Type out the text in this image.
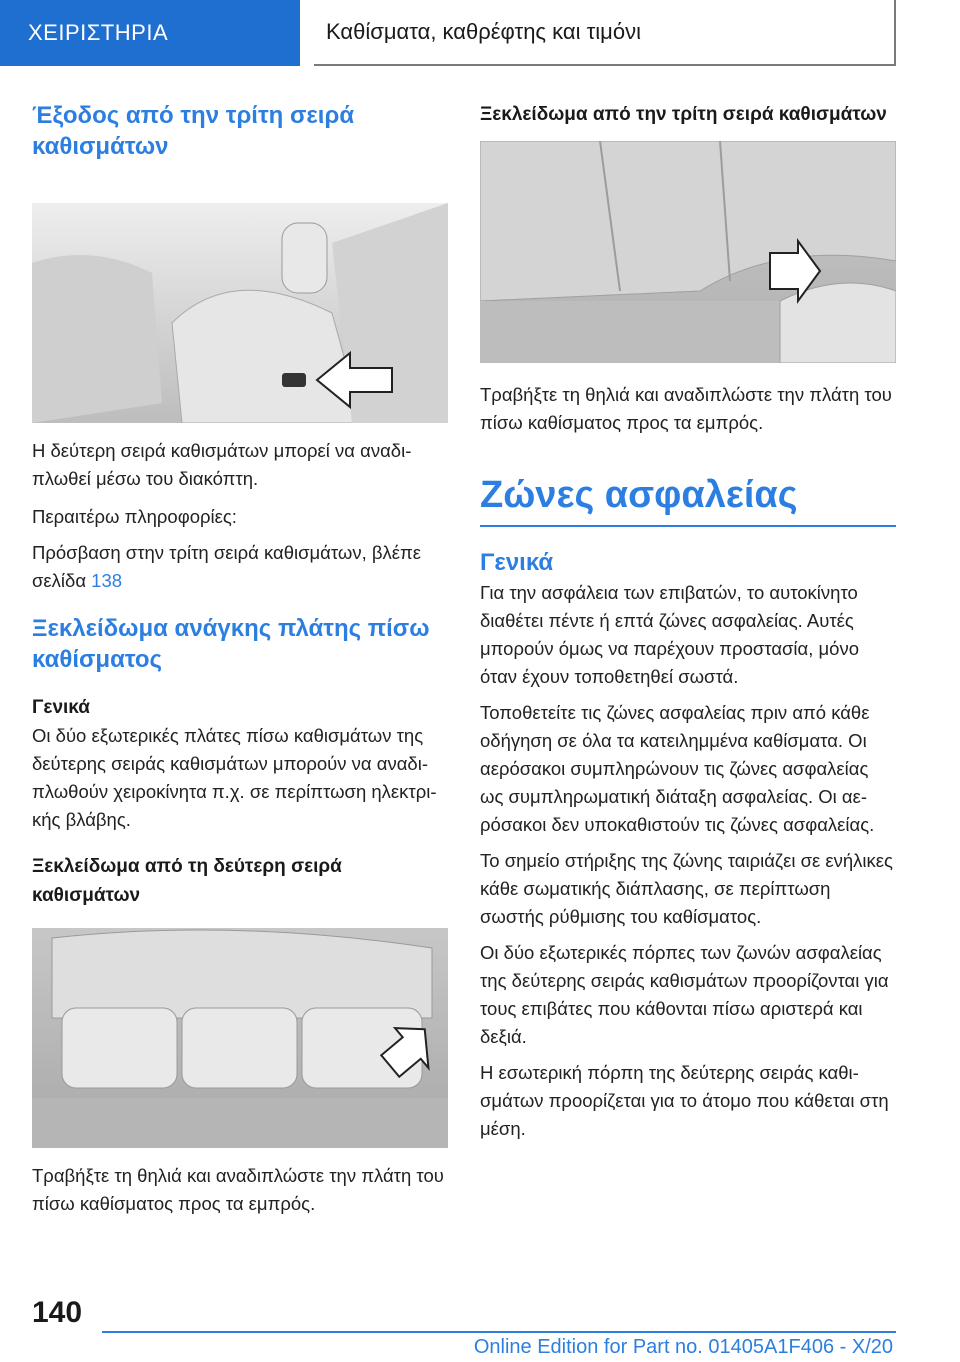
ΧΕΙΡΙΣΤΗΡΙΑ	Καθίσματα, καθρέφτης και τιμόνι
Έξοδος από την τρίτη σειρά καθισμάτων

Η δεύτερη σειρά καθισμάτων μπορεί να αναδιπλωθεί μέσω του διακόπτη.

Περαιτέρω πληροφορίες:

Πρόσβαση στην τρίτη σειρά καθισμάτων, βλέπε σελίδα 138

Ξεκλείδωμα ανάγκης πλάτης πίσω καθίσματος
Γενικά

Οι δύο εξωτερικές πλάτες πίσω καθισμάτων της δεύτερης σειράς καθισμάτων μπορούν να αναδιπλωθούν χειροκίνητα π.χ. σε περίπτωση ηλεκτρικής βλάβης.

Ξεκλείδωμα από τη δεύτερη σειρά καθισμάτων

Τραβήξτε τη θηλιά και αναδιπλώστε την πλάτη του πίσω καθίσματος προς τα εμπρός.

Ξεκλείδωμα από την τρίτη σειρά καθισμάτων

Τραβήξτε τη θηλιά και αναδιπλώστε την πλάτη του πίσω καθίσματος προς τα εμπρός.

Ζώνες ασφαλείας
Γενικά

Για την ασφάλεια των επιβατών, το αυτοκίνητο διαθέτει πέντε ή επτά ζώνες ασφαλείας. Αυτές μπορούν όμως να παρέχουν προστασία, μόνο όταν έχουν τοποθετηθεί σωστά.

Τοποθετείτε τις ζώνες ασφαλείας πριν από κάθε οδήγηση σε όλα τα κατειλημμένα καθίσματα. Οι αερόσακοι συμπληρώνουν τις ζώνες ασφαλείας ως συμπληρωματική διάταξη ασφαλείας. Οι αερόσακοι δεν υποκαθιστούν τις ζώνες ασφαλείας.

Το σημείο στήριξης της ζώνης ταιριάζει σε ενήλικες κάθε σωματικής διάπλασης, σε περίπτωση σωστής ρύθμισης του καθίσματος.

Οι δύο εξωτερικές πόρπες των ζωνών ασφαλείας της δεύτερης σειράς καθισμάτων προορίζονται για τους επιβάτες που κάθονται πίσω αριστερά και δεξιά.

Η εσωτερική πόρπη της δεύτερης σειράς καθισμάτων προορίζεται για το άτομο που κάθεται στη μέση.

140
Online Edition for Part no. 01405A1F406 - X/20
